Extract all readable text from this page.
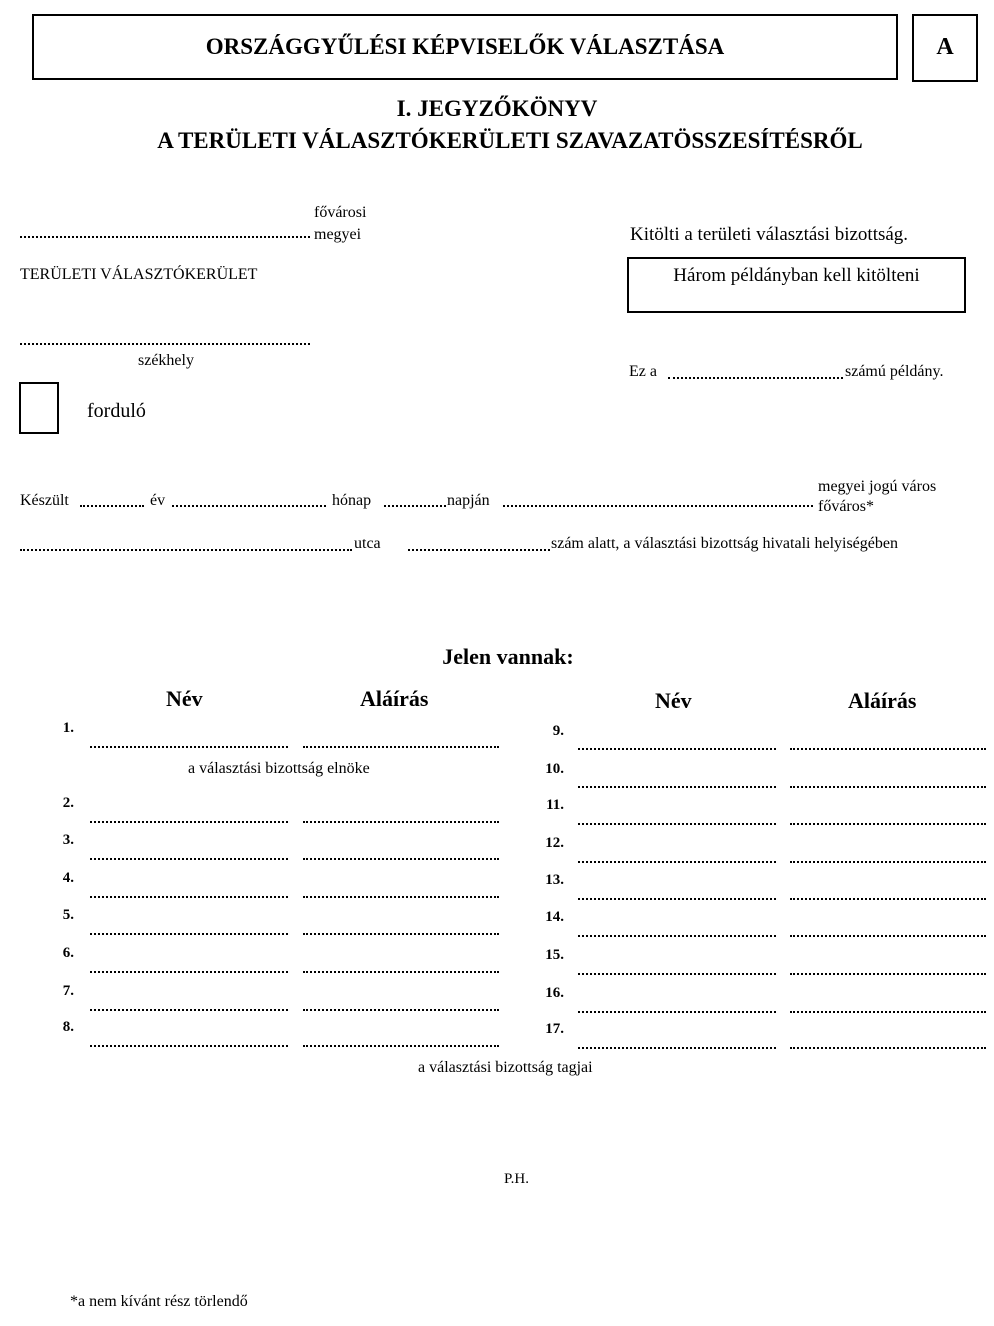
ORSZÁGGYŰLÉSI KÉPVISELŐK VÁLASZTÁSA	A
I. JEGYZŐKÖNYV
A TERÜLETI VÁLASZTÓKERÜLETI SZAVAZATÖSSZESÍTÉSRŐL
fővárosi
megyei
TERÜLETI VÁLASZTÓKERÜLET
székhely
forduló
Kitölti a területi választási bizottság.
Három példányban kell kitölteni
Ez a	számú példány.
Készült	év	hónap	napján
megyei jogú város
főváros*
utca	szám alatt, a választási bizottság hivatali helyiségében
Jelen vannak:
Név	Aláírás	Név	Aláírás
1.
a választási bizottság elnöke
2.
3.
4.
5.
6.
7.
8.
9.
10.
11.
12.
13.
14.
15.
16.
17.
a választási bizottság tagjai
P.H.
*a nem kívánt rész törlendő
